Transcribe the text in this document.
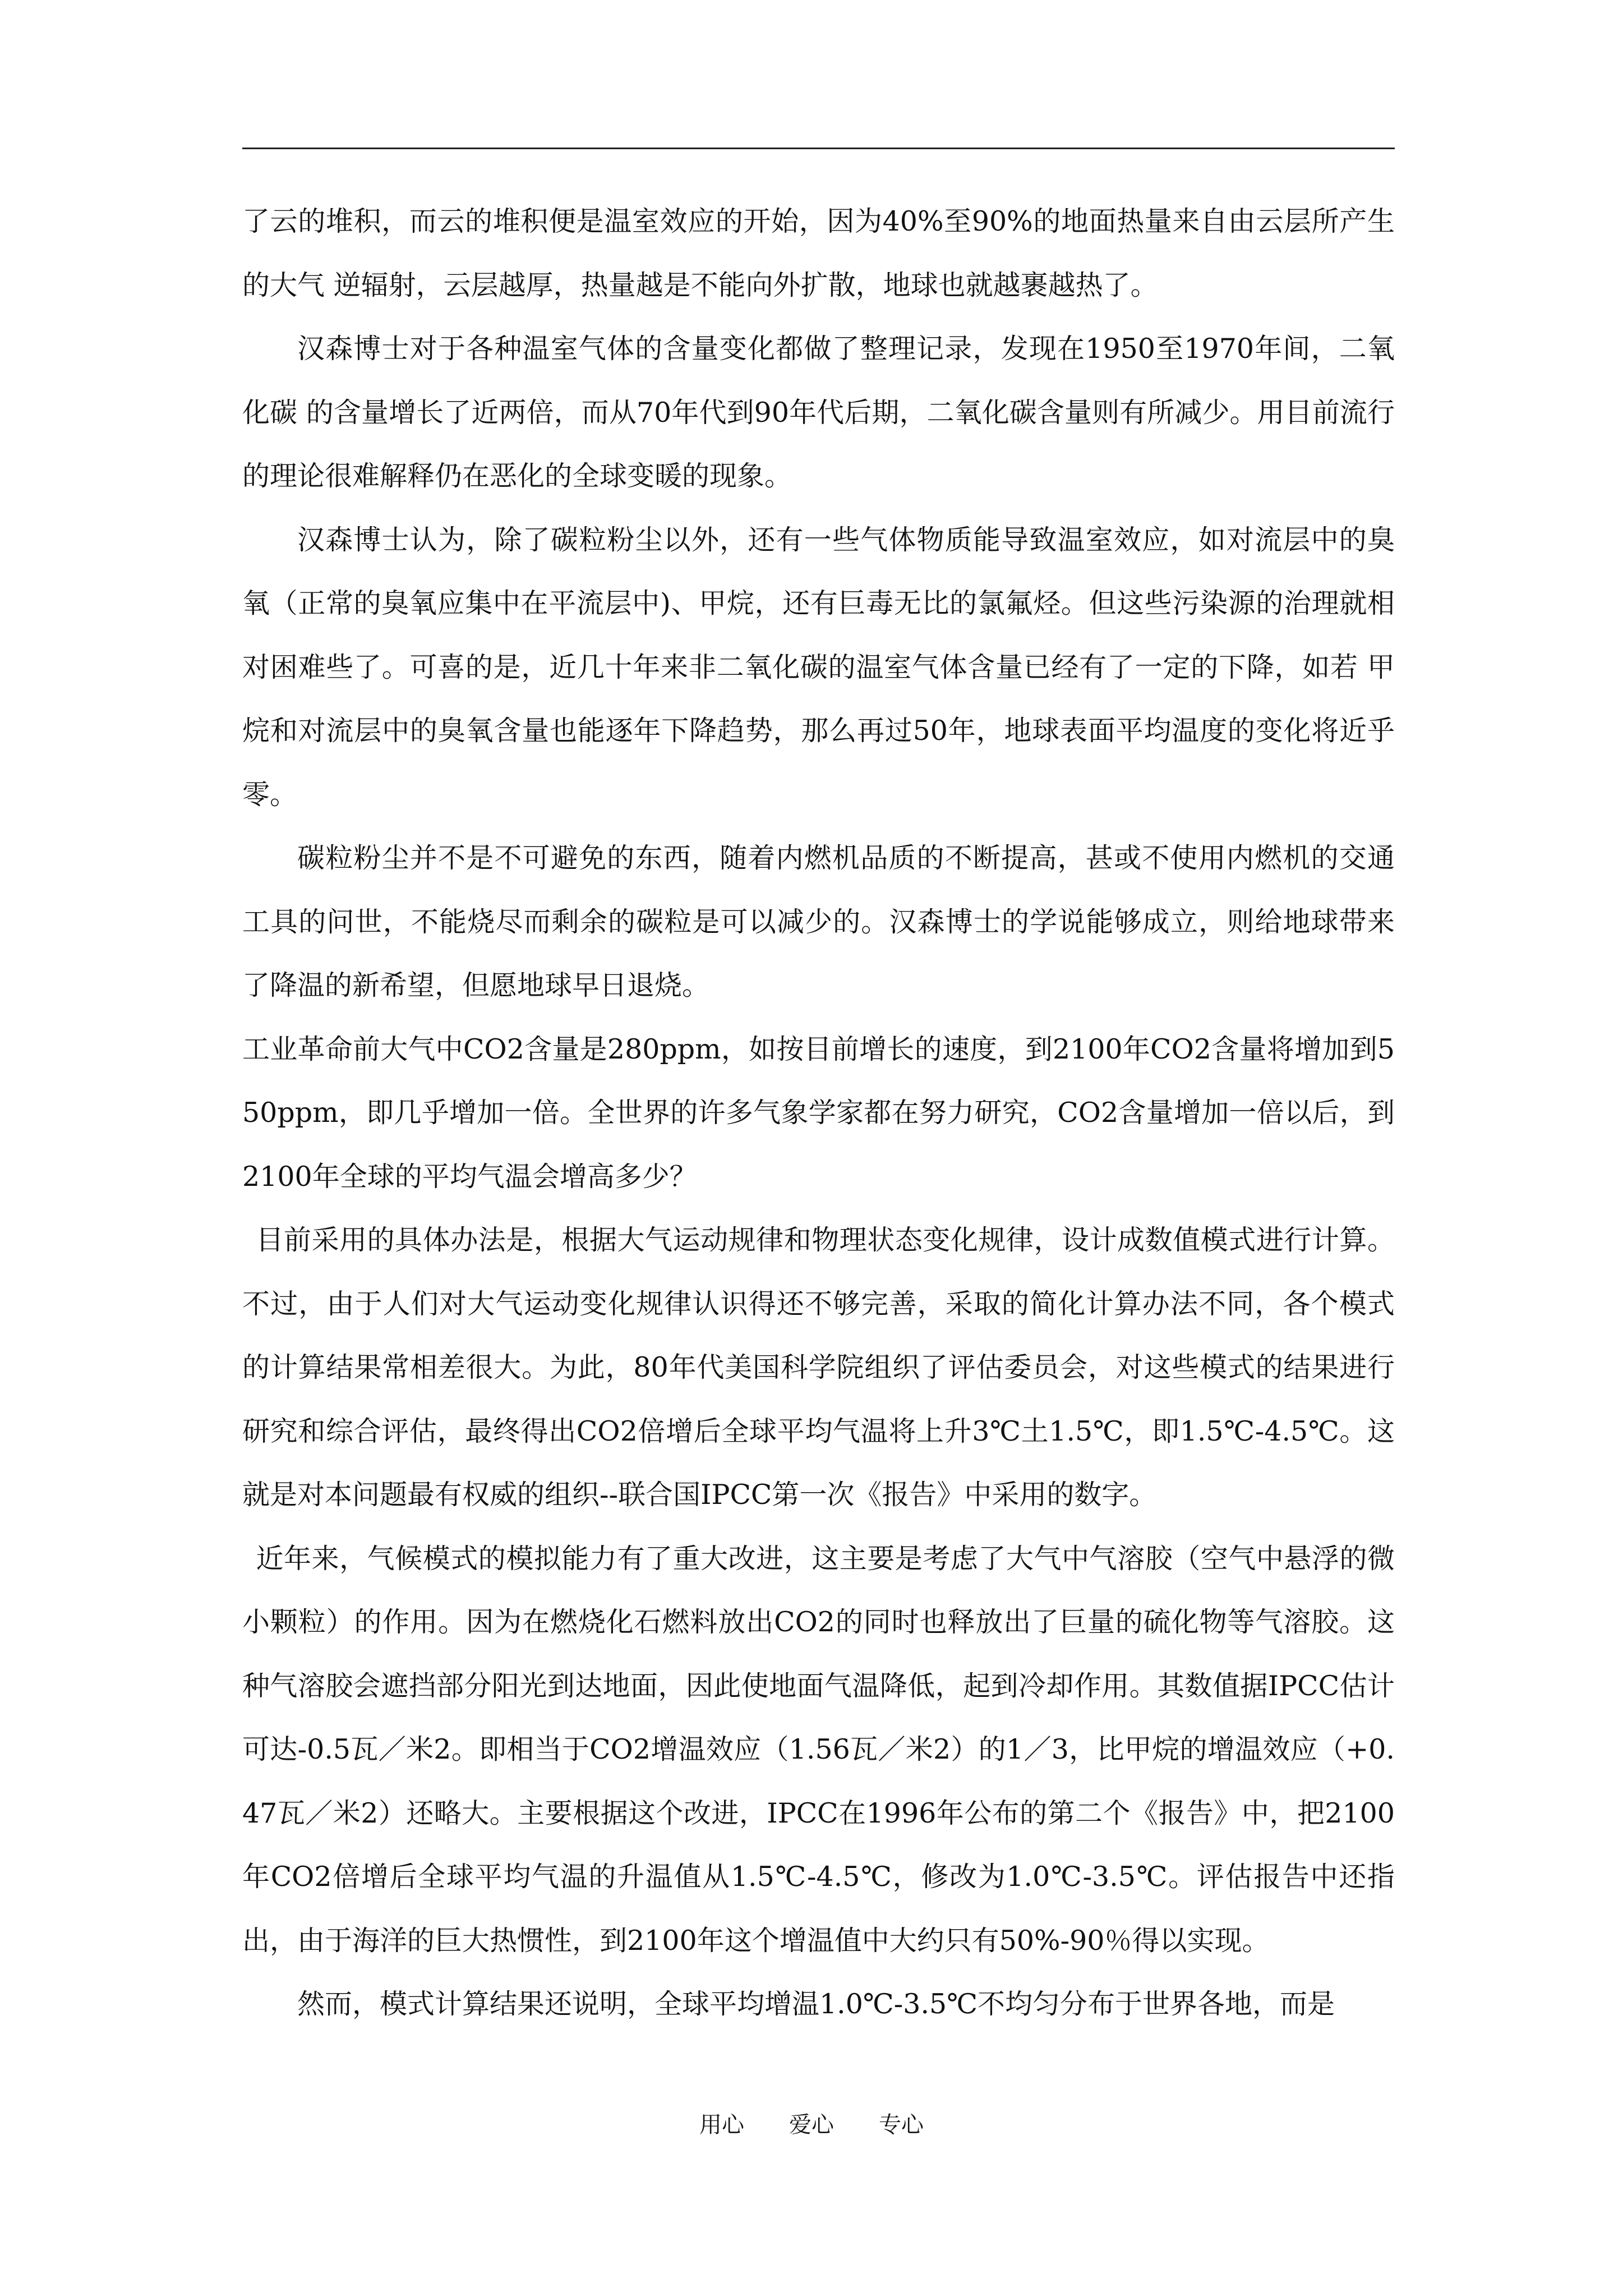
了云的堆积，而云的堆积便是温室效应的开始，因为40%至90%的地面热量来自由云层所产生的大气 逆辐射，云层越厚，热量越是不能向外扩散，地球也就越裹越热了。

汉森博士对于各种温室气体的含量变化都做了整理记录，发现在1950至1970年间，二氧化碳 的含量增长了近两倍，而从70年代到90年代后期，二氧化碳含量则有所减少。用目前流行的理论很难解释仍在恶化的全球变暖的现象。

汉森博士认为，除了碳粒粉尘以外，还有一些气体物质能导致温室效应，如对流层中的臭氧（正常的臭氧应集中在平流层中)、甲烷，还有巨毒无比的氯氟烃。但这些污染源的治理就相对困难些了。可喜的是，近几十年来非二氧化碳的温室气体含量已经有了一定的下降，如若 甲烷和对流层中的臭氧含量也能逐年下降趋势，那么再过50年，地球表面平均温度的变化将近乎零。

碳粒粉尘并不是不可避免的东西，随着内燃机品质的不断提高，甚或不使用内燃机的交通工具的问世，不能烧尽而剩余的碳粒是可以减少的。汉森博士的学说能够成立，则给地球带来了降温的新希望，但愿地球早日退烧。

工业革命前大气中CO2含量是280ppm，如按目前增长的速度，到2100年CO2含量将增加到550ppm，即几乎增加一倍。全世界的许多气象学家都在努力研究，CO2含量增加一倍以后，到2100年全球的平均气温会增高多少？

目前采用的具体办法是，根据大气运动规律和物理状态变化规律，设计成数值模式进行计算。不过，由于人们对大气运动变化规律认识得还不够完善，采取的简化计算办法不同，各个模式的计算结果常相差很大。为此，80年代美国科学院组织了评估委员会，对这些模式的结果进行研究和综合评估，最终得出CO2倍增后全球平均气温将上升3℃土1.5℃，即1.5℃-4.5℃。这就是对本问题最有权威的组织--联合国IPCC第一次《报告》中采用的数字。

近年来，气候模式的模拟能力有了重大改进，这主要是考虑了大气中气溶胶（空气中悬浮的微小颗粒）的作用。因为在燃烧化石燃料放出CO2的同时也释放出了巨量的硫化物等气溶胶。这种气溶胶会遮挡部分阳光到达地面，因此使地面气温降低，起到冷却作用。其数值据IPCC估计可达-0.5瓦／米2。即相当于CO2增温效应（1.56瓦／米2）的1／3，比甲烷的增温效应（+0.47瓦／米2）还略大。主要根据这个改进，IPCC在1996年公布的第二个《报告》中，把2100年CO2倍增后全球平均气温的升温值从1.5℃-4.5℃，修改为1.0℃-3.5℃。评估报告中还指出，由于海洋的巨大热惯性，到2100年这个增温值中大约只有50%-90％得以实现。

然而，模式计算结果还说明，全球平均增温1.0℃-3.5℃不均匀分布于世界各地，而是

用心　　爱心　　专心
